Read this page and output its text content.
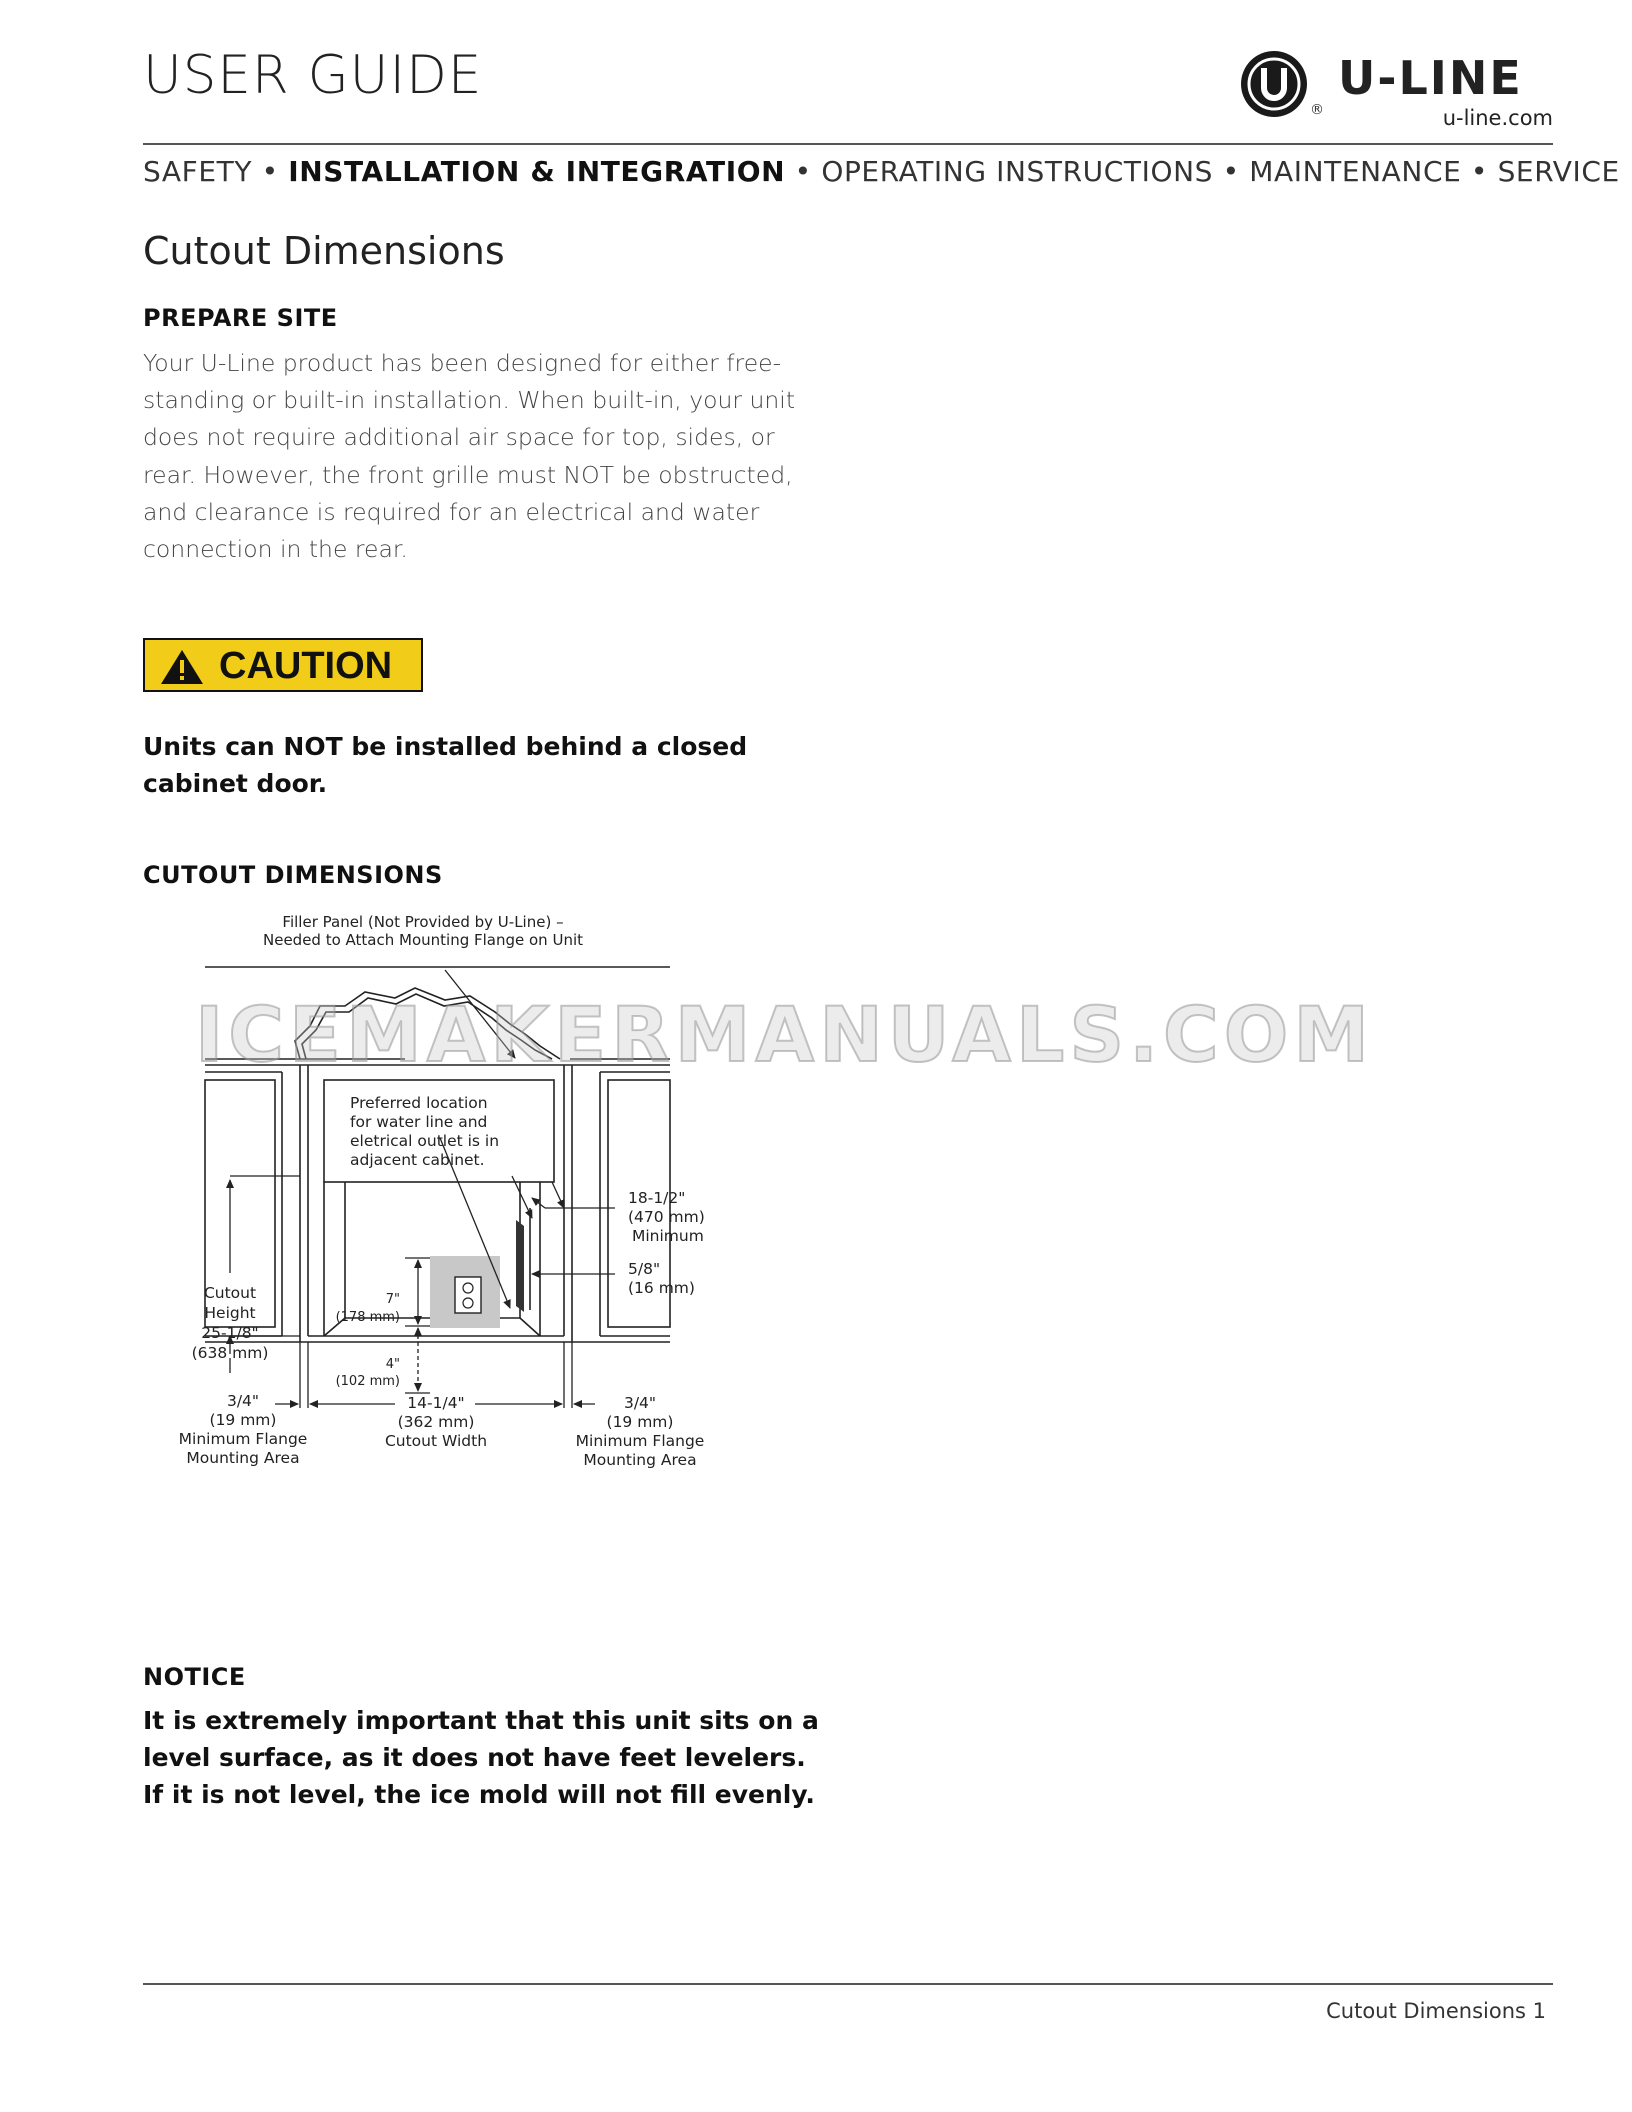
USER GUIDE
®
U-LINE
u-line.com
SAFETY • INSTALLATION & INTEGRATION • OPERATING INSTRUCTIONS • MAINTENANCE • SERVICE
Cutout Dimensions
PREPARE SITE
Your U-Line product has been designed for either free-standing or built-in installation. When built-in, your unit does not require additional air space for top, sides, or rear. However, the front grille must NOT be obstructed, and clearance is required for an electrical and water connection in the rear.
CAUTION
Units can NOT be installed behind a closed cabinet door.
CUTOUT DIMENSIONS
Filler Panel (Not Provided by U-Line) –
Needed to Attach Mounting Flange on Unit
Preferred location
for water line and
eletrical outlet is in
adjacent cabinet.
18-1/2"
(470 mm)
Minimum
5/8"
(16 mm)
Cutout
Height
25-1/8"
(638 mm)
7"
(178 mm)
4"
(102 mm)
3/4"
(19 mm)
Minimum Flange
Mounting Area
14-1/4"
(362 mm)
Cutout Width
3/4"
(19 mm)
Minimum Flange
Mounting Area
ICEMAKERMANUALS.COM
NOTICE
It is extremely important that this unit sits on a level surface, as it does not have feet levelers. If it is not level, the ice mold will not fill evenly.
Cutout Dimensions 1
